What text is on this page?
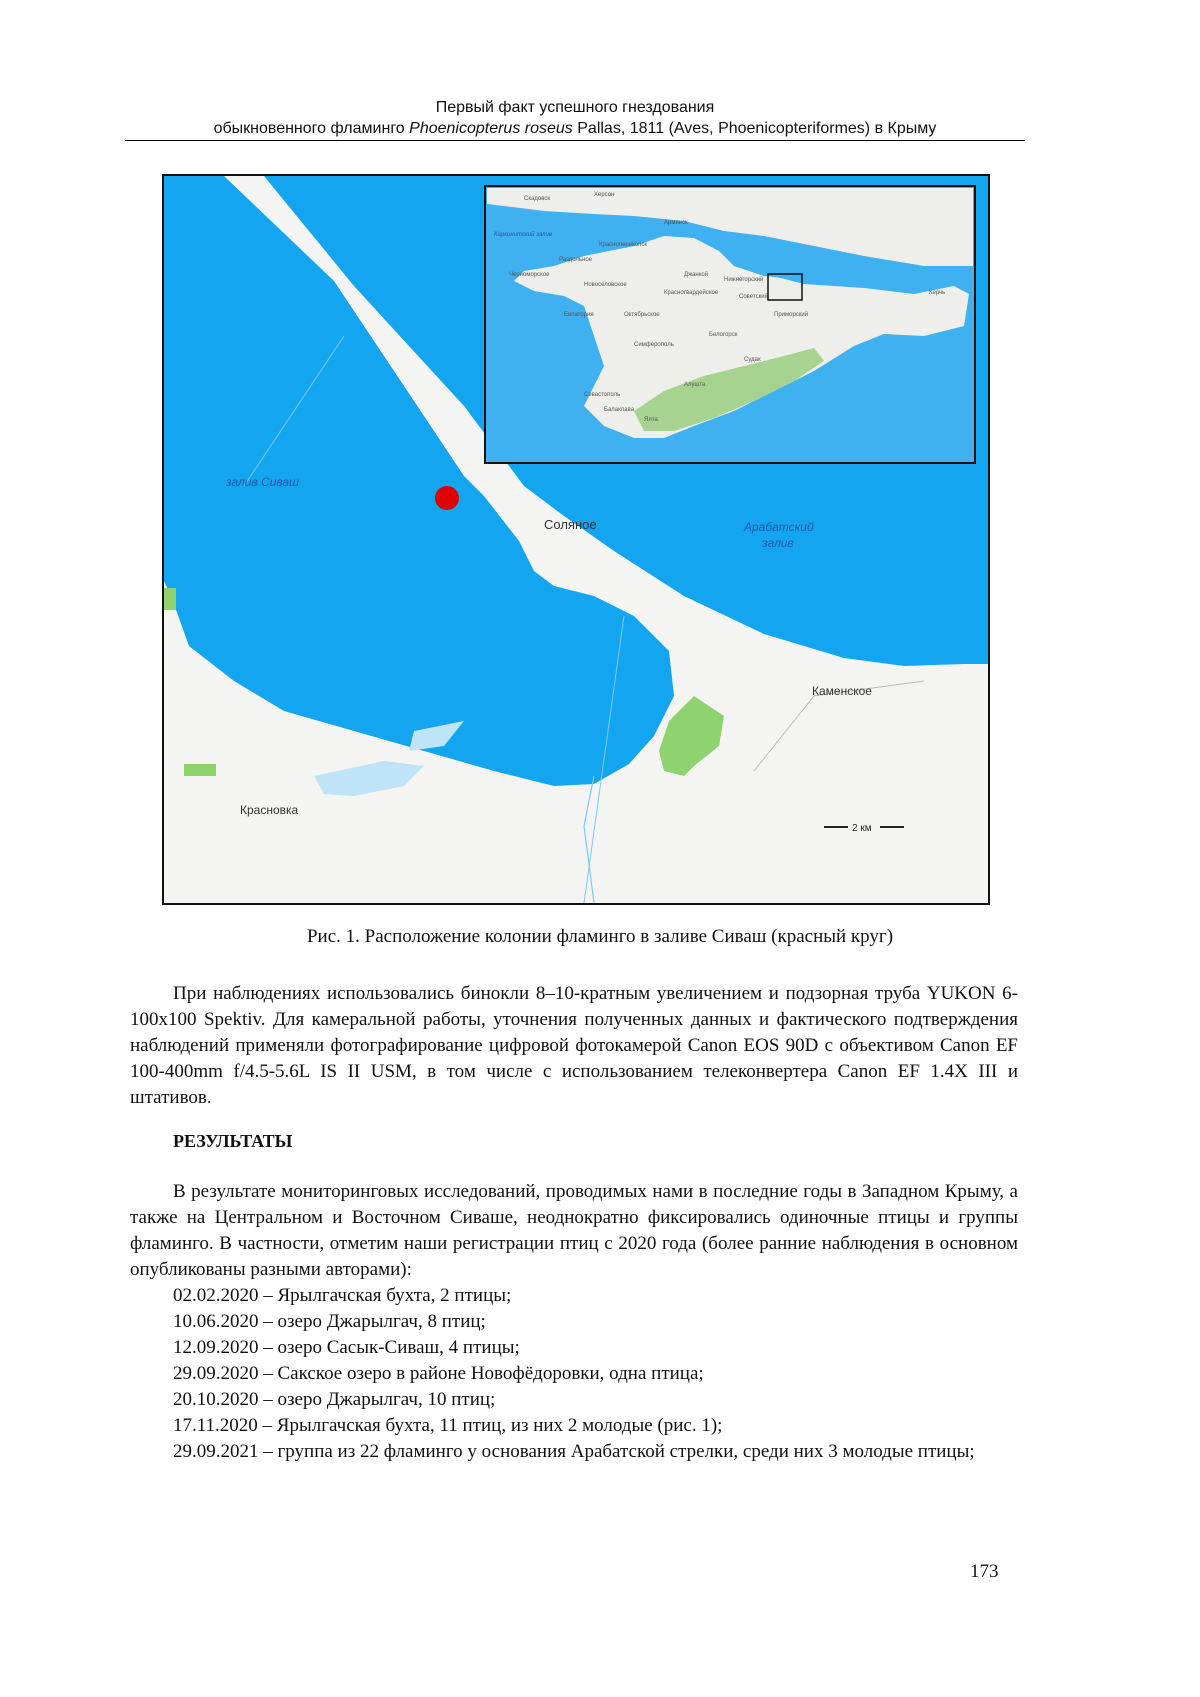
Первый факт успешного гнездования
обыкновенного фламинго Phoenicopterus roseus Pallas, 1811 (Aves, Phoenicopteriformes) в Крыму
залив Сиваш
Соляное	Арабатский
залив
Каменское
Красновка
2 км
Скадовск
Херсон
Армянск
Джанкой
Каркинитский залив
Черноморское
Раздольное
Красноперекопск
Новоселовское
Красногвардейское
Советский
Нижнегорский
Евпатория	Октябрьское
Белогорск
Приморский
Симферополь
Судак
Севастополь
Алушта
Балаклава
Ялта
Керчь
Рис. 1. Расположение колонии фламинго в заливе Сиваш (красный круг)

При наблюдениях использовались бинокли 8–10-кратным увеличением и подзорная труба YUKON 6-100x100 Spektiv. Для камеральной работы, уточнения полученных данных и фактического подтверждения наблюдений применяли фотографирование цифровой фотокамерой Canon EOS 90D с объективом Canon EF 100-400mm f/4.5-5.6L IS II USM, в том числе с использованием телеконвертера Canon EF 1.4X III и штативов.

РЕЗУЛЬТАТЫ

В результате мониторинговых исследований, проводимых нами в последние годы в Западном Крыму, а также на Центральном и Восточном Сиваше, неоднократно фиксировались одиночные птицы и группы фламинго. В частности, отметим наши регистрации птиц с 2020 года (более ранние наблюдения в основном опубликованы разными авторами):

02.02.2020 – Ярылгачская бухта, 2 птицы;

10.06.2020 – озеро Джарылгач, 8 птиц;

12.09.2020 – озеро Сасык-Сиваш, 4 птицы;

29.09.2020 – Сакское озеро в районе Новофёдоровки, одна птица;

20.10.2020 – озеро Джарылгач, 10 птиц;

17.11.2020 – Ярылгачская бухта, 11 птиц, из них 2 молодые (рис. 1);

29.09.2021 – группа из 22 фламинго у основания Арабатской стрелки, среди них 3 молодые птицы;

173
